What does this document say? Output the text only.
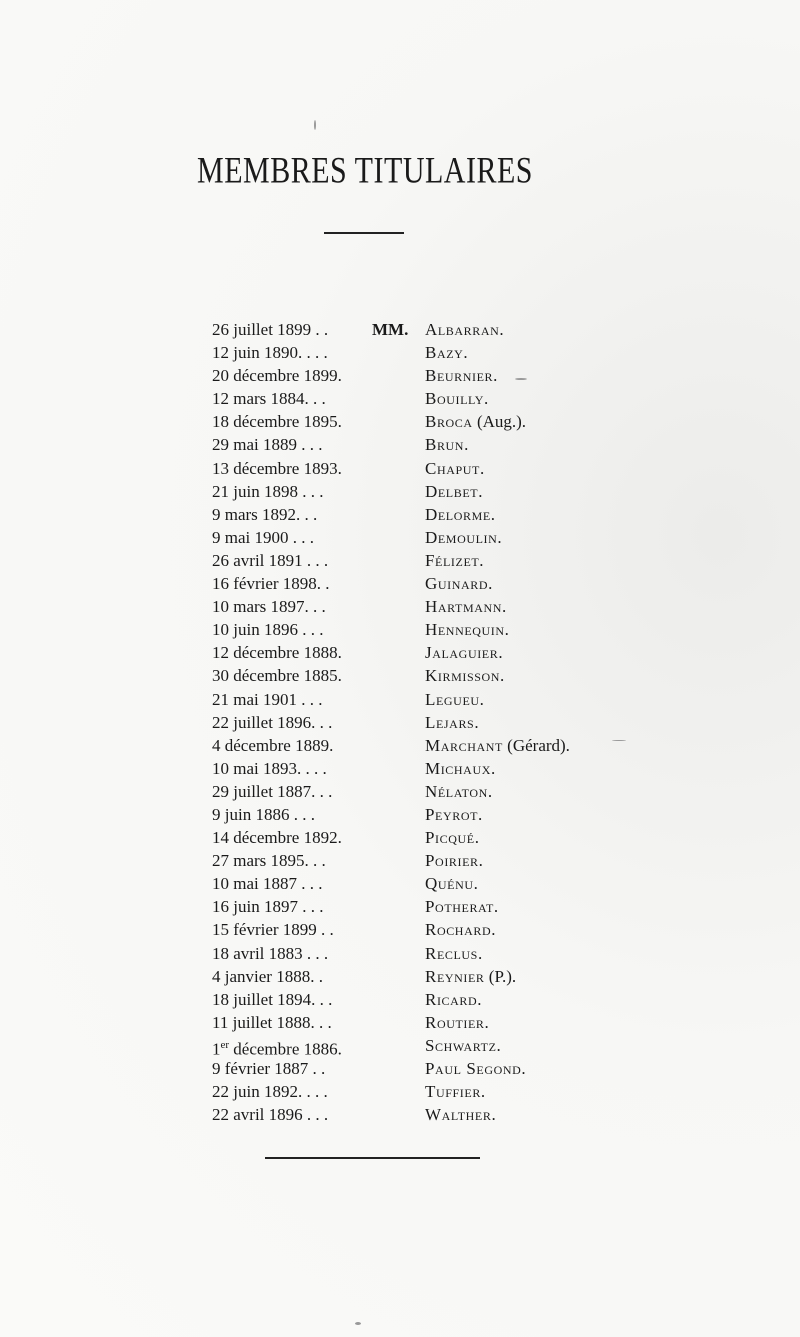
MEMBRES TITULAIRES
26 juillet 1899 . .	MM. Albarran.
12 juin 1890. . . .	Bazy.
20 décembre 1899.	Beurnier.
12 mars 1884. . .	Bouilly.
18 décembre 1895.	Broca (Aug.).
29 mai 1889 . . .	Brun.
13 décembre 1893.	Chaput.
21 juin 1898 . . .	Delbet.
9 mars 1892. . .	Delorme.
9 mai 1900 . . .	Demoulin.
26 avril 1891 . . .	Félizet.
16 février 1898. .	Guinard.
10 mars 1897. . .	Hartmann.
10 juin 1896 . . .	Hennequin.
12 décembre 1888.	Jalaguier.
30 décembre 1885.	Kirmisson.
21 mai 1901 . . .	Legueu.
22 juillet 1896. . .	Lejars.
4 décembre 1889.	Marchant (Gérard).
10 mai 1893. . . .	Michaux.
29 juillet 1887. . .	Nélaton.
9 juin 1886 . . .	Peyrot.
14 décembre 1892.	Picqué.
27 mars 1895. . .	Poirier.
10 mai 1887 . . .	Quénu.
16 juin 1897 . . .	Potherat.
15 février 1899 . .	Rochard.
18 avril 1883 . . .	Reclus.
4 janvier 1888. .	Reynier (P.).
18 juillet 1894. . .	Ricard.
11 juillet 1888. . .	Routier.
1er décembre 1886.	Schwartz.
9 février 1887 . .	Paul Segond.
22 juin 1892. . . .	Tuffier.
22 avril 1896 . . .	Walther.
